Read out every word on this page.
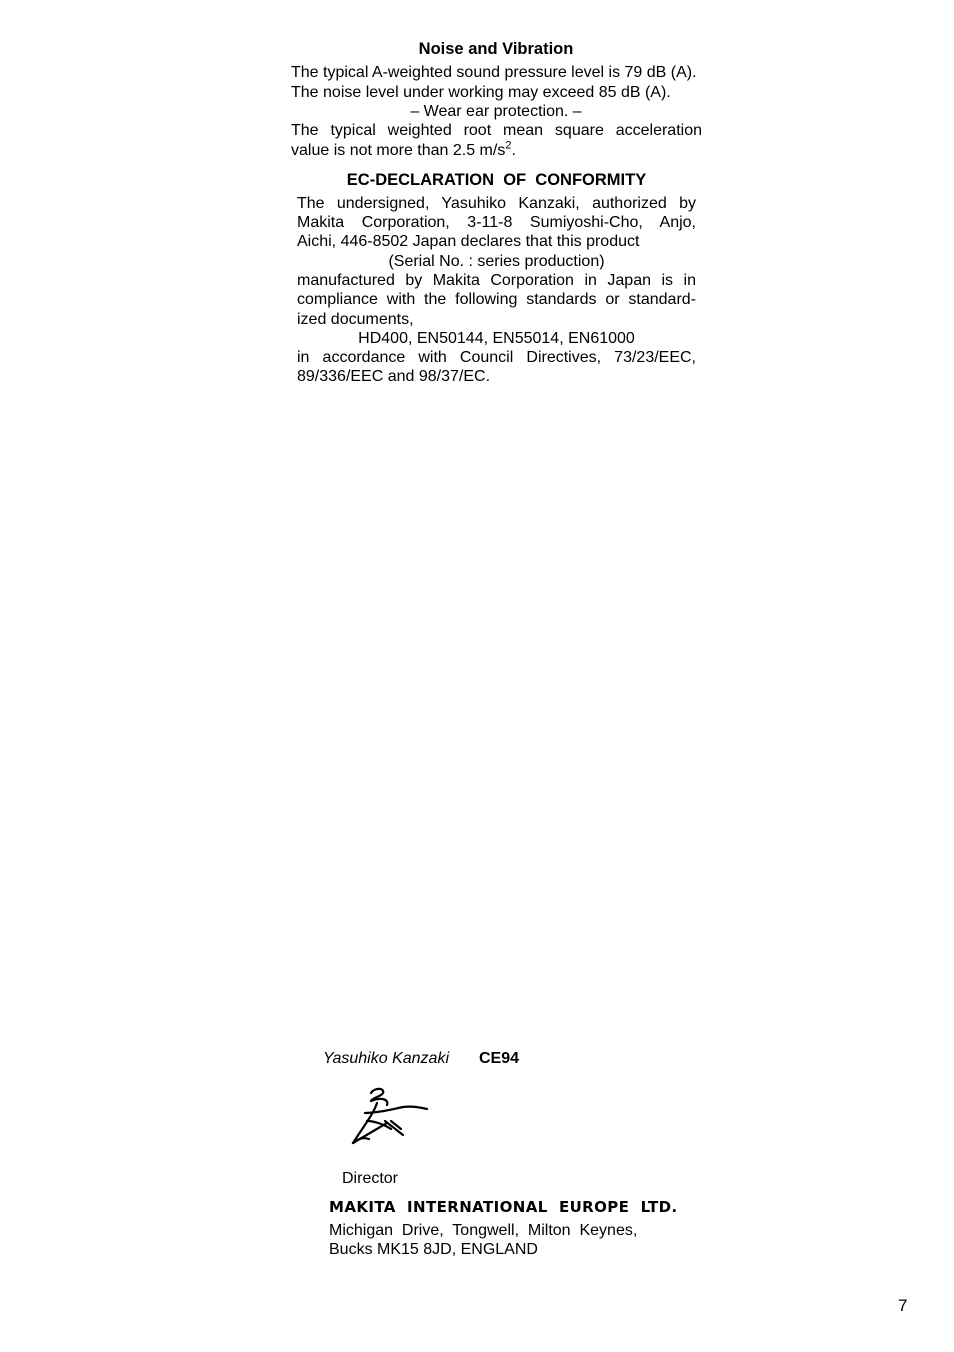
Noise and Vibration
The typical A-weighted sound pressure level is 79 dB (A).
The noise level under working may exceed 85 dB (A).
– Wear ear protection. –
The typical weighted root mean square acceleration
value is not more than 2.5 $m/s^2$.
EC-DECLARATION  OF  CONFORMITY
The undersigned, Yasuhiko Kanzaki, authorized by
Makita Corporation, 3-11-8 Sumiyoshi-Cho, Anjo,
Aichi, 446-8502 Japan declares that this product
(Serial No. : series production)
manufactured by Makita Corporation in Japan is in
compliance with the following standards or standard-
ized documents,
HD400, EN50144, EN55014, EN61000
in accordance with Council Directives, 73/23/EEC,
89/336/EEC and 98/37/EC.
Yasuhiko Kanzaki CE94
Director
MAKITA  INTERNATIONAL  EUROPE  LTD.
Michigan  Drive,  Tongwell,  Milton  Keynes,
Bucks MK15 8JD, ENGLAND
7
